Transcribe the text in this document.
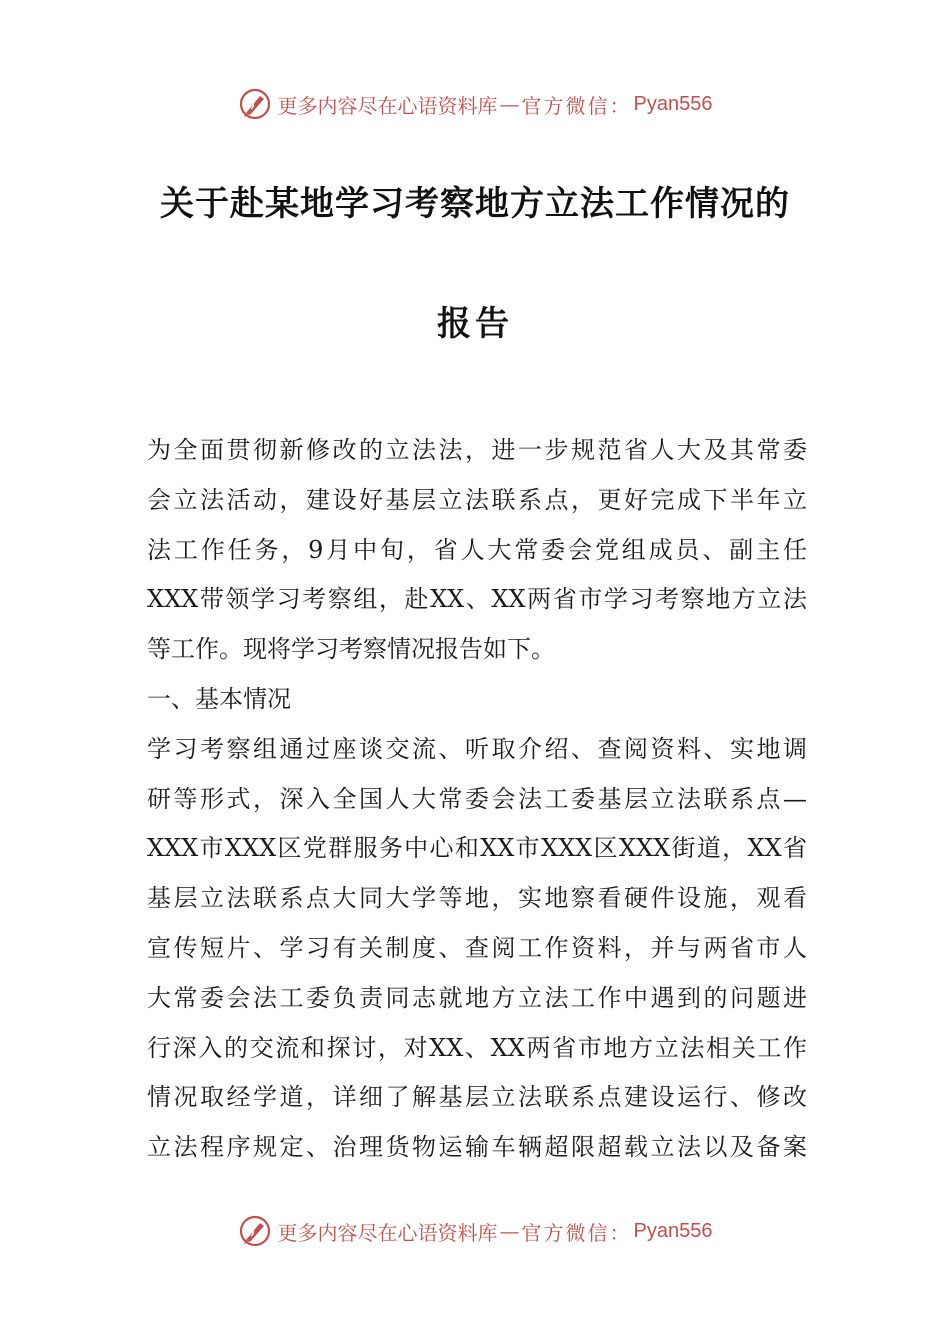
更多内容尽在心语资料库 — 官方微信： Pyan556
关于赴某地学习考察地方立法工作情况的
报告
为全面贯彻新修改的立法法，进一步规范省人大及其常委
会立法活动，建设好基层立法联系点，更好完成下半年立
法工作任务，9月中旬，省人大常委会党组成员、副主任
XXX带领学习考察组，赴XX、XX两省市学习考察地方立法
等工作。现将学习考察情况报告如下。
一、基本情况
学习考察组通过座谈交流、听取介绍、查阅资料、实地调
研等形式，深入全国人大常委会法工委基层立法联系点—
XXX市XXX区党群服务中心和XX市XXX区XXX街道，XX省
基层立法联系点大同大学等地，实地察看硬件设施，观看
宣传短片、学习有关制度、查阅工作资料，并与两省市人
大常委会法工委负责同志就地方立法工作中遇到的问题进
行深入的交流和探讨，对XX、XX两省市地方立法相关工作
情况取经学道，详细了解基层立法联系点建设运行、修改
立法程序规定、治理货物运输车辆超限超载立法以及备案
更多内容尽在心语资料库 — 官方微信： Pyan556
